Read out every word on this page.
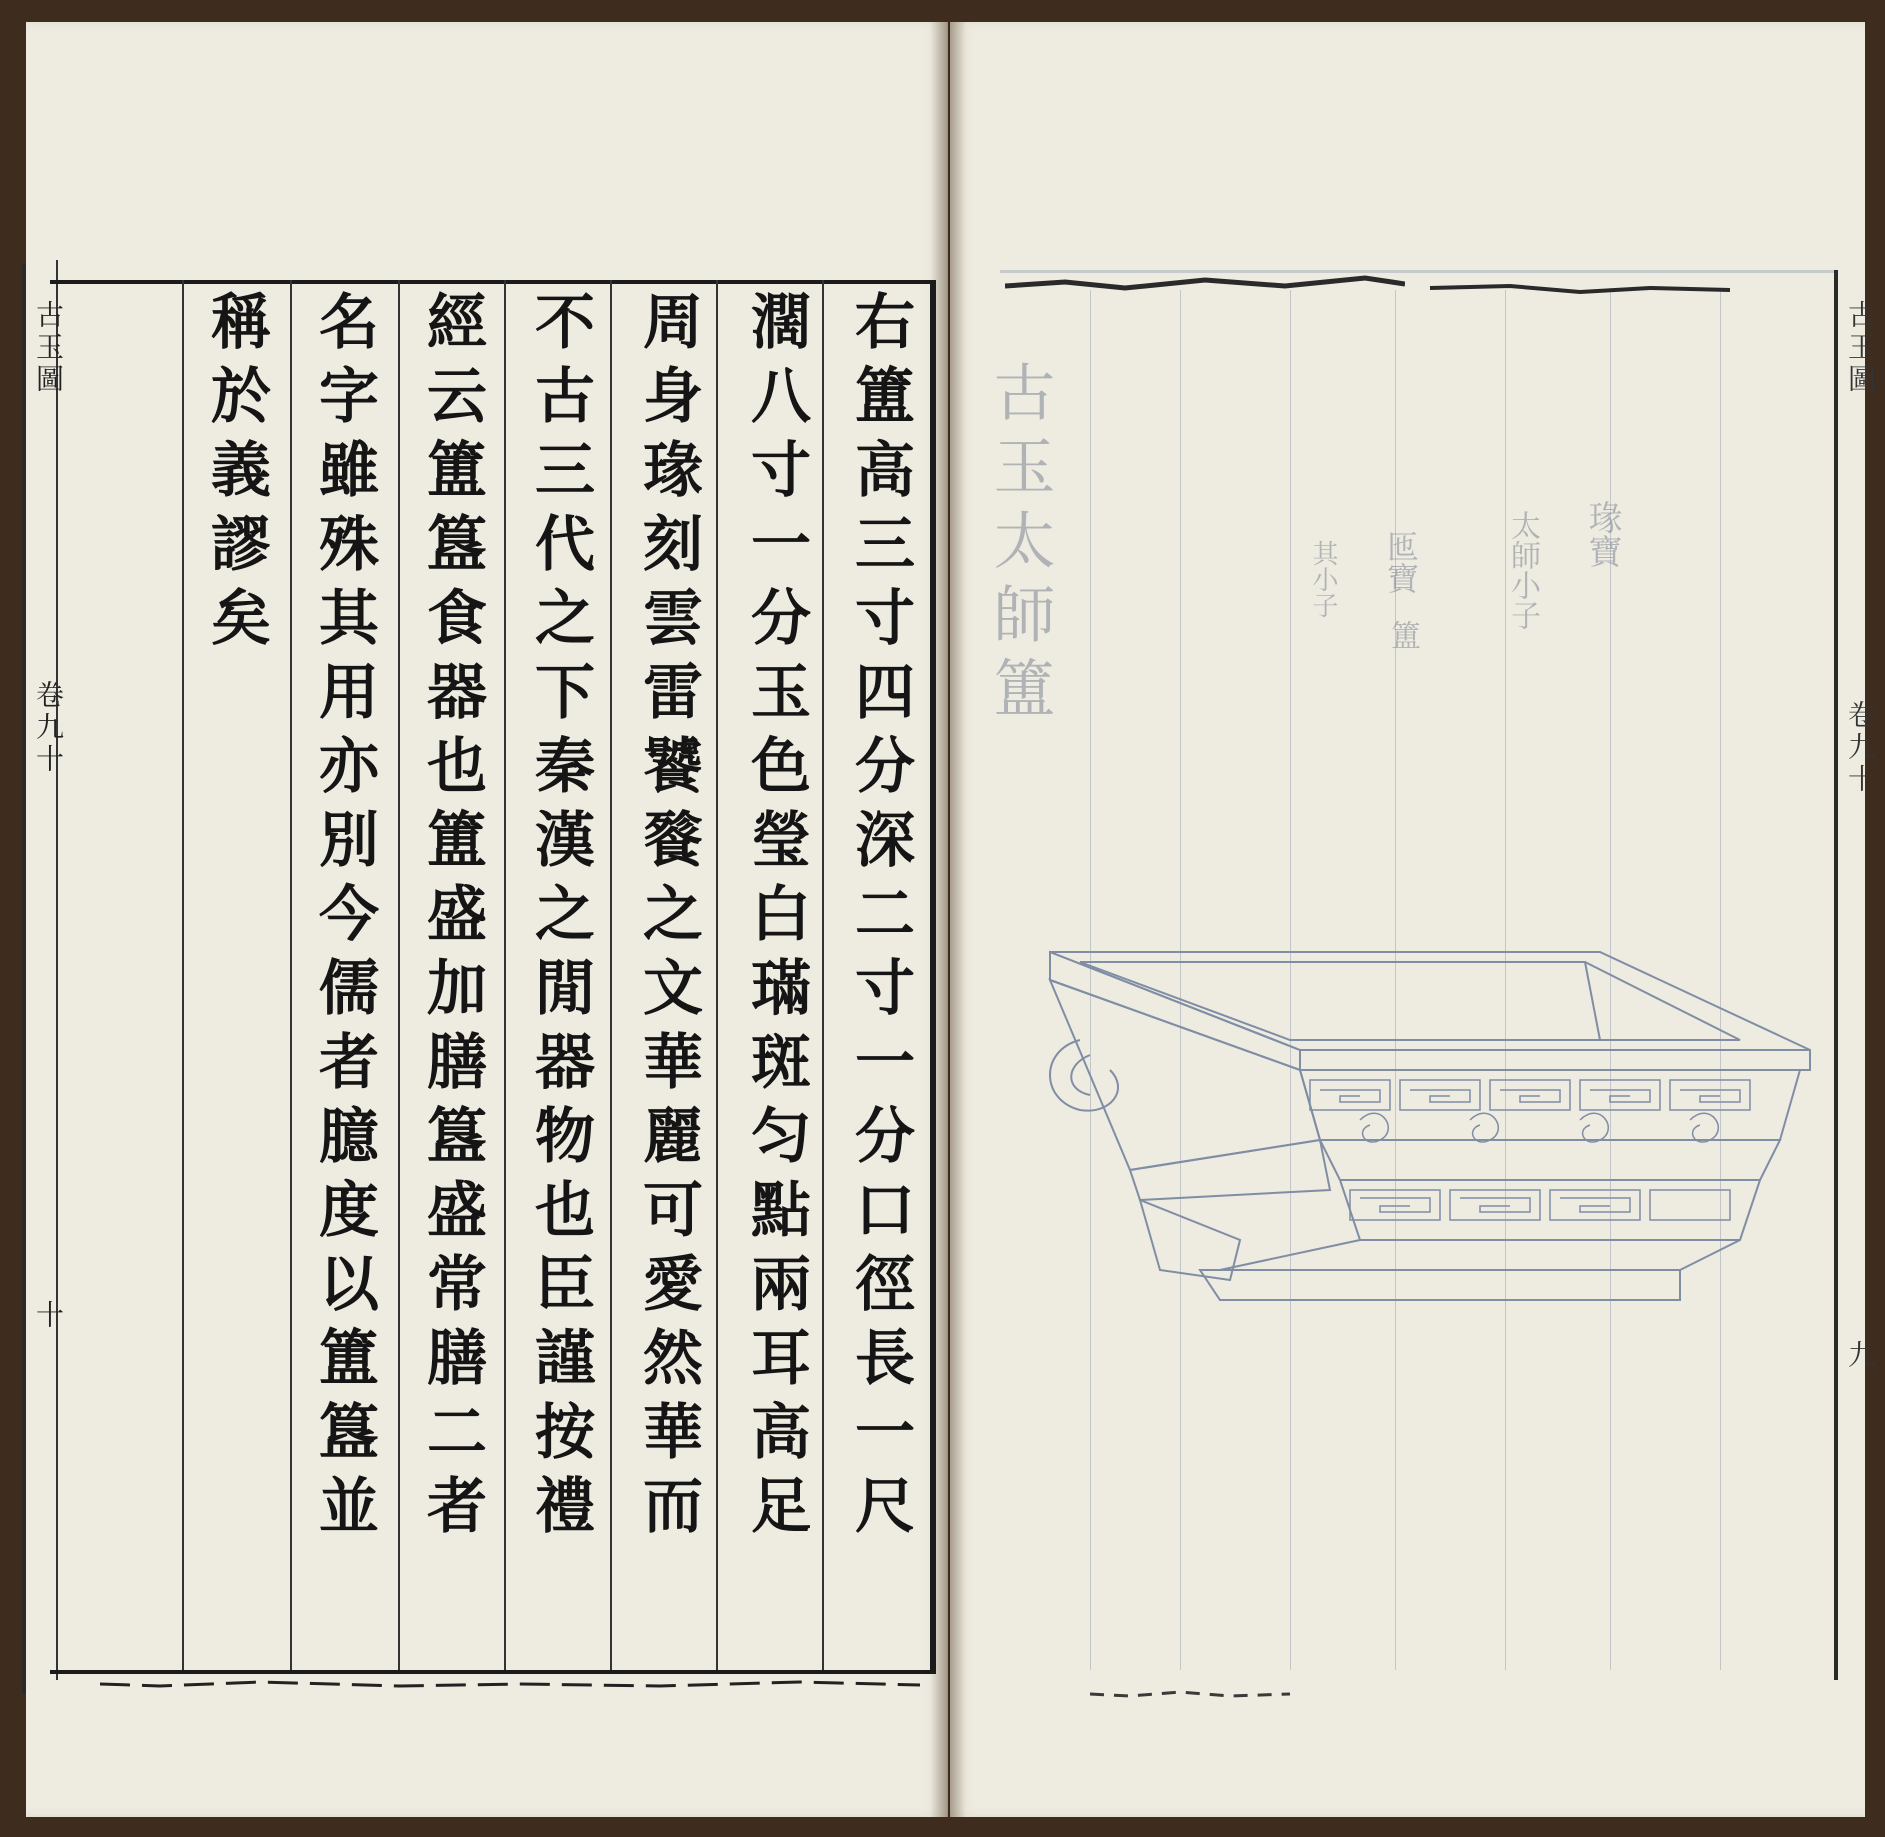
古玉圖
卷九十
十	右簠高三寸四分深二寸一分口徑長一尺
濶八寸一分玉色瑩白璊斑匀點兩耳高足
周身瑑刻雲雷饕餮之文華麗可愛然華而
不古三代之下秦漢之閒器物也臣謹按禮
經云簠簋食器也簠盛加膳簋盛常膳二者
名字雖殊其用亦別今儒者臆度以簠簋並
稱於義謬矣	古玉太師簠	瑑寶
太師小子
匜寶
簠
其小子
古玉圖
卷九十
九
